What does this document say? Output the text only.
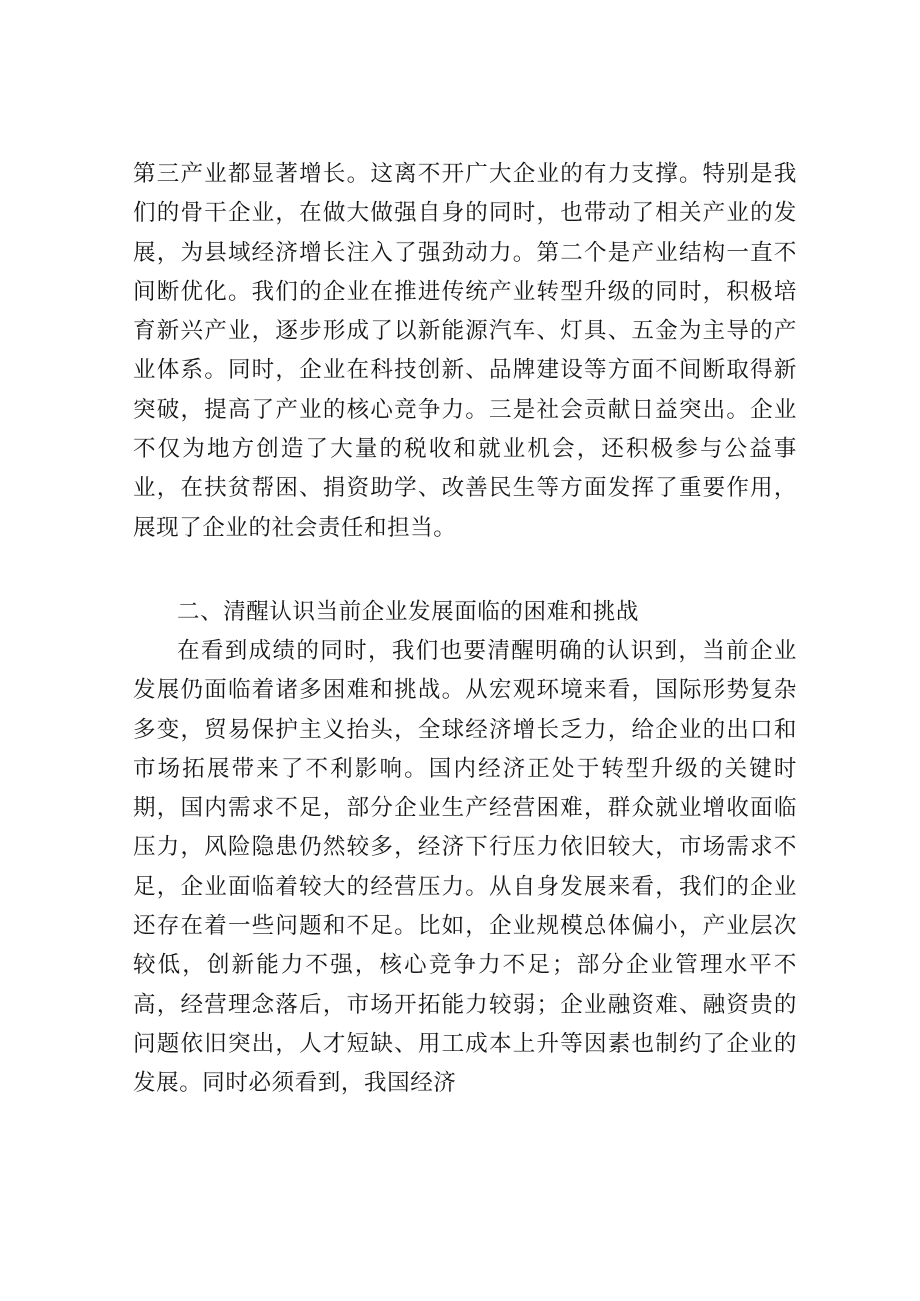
第三产业都显著增长。这离不开广大企业的有力支撑。特别是我们的骨干企业，在做大做强自身的同时，也带动了相关产业的发展，为县域经济增长注入了强劲动力。第二个是产业结构一直不间断优化。我们的企业在推进传统产业转型升级的同时，积极培育新兴产业，逐步形成了以新能源汽车、灯具、五金为主导的产业体系。同时，企业在科技创新、品牌建设等方面不间断取得新突破，提高了产业的核心竞争力。三是社会贡献日益突出。企业不仅为地方创造了大量的税收和就业机会，还积极参与公益事业，在扶贫帮困、捐资助学、改善民生等方面发挥了重要作用，展现了企业的社会责任和担当。

二、清醒认识当前企业发展面临的困难和挑战

在看到成绩的同时，我们也要清醒明确的认识到，当前企业发展仍面临着诸多困难和挑战。从宏观环境来看，国际形势复杂多变，贸易保护主义抬头，全球经济增长乏力，给企业的出口和市场拓展带来了不利影响。国内经济正处于转型升级的关键时期，国内需求不足，部分企业生产经营困难，群众就业增收面临压力，风险隐患仍然较多，经济下行压力依旧较大，市场需求不足，企业面临着较大的经营压力。从自身发展来看，我们的企业还存在着一些问题和不足。比如，企业规模总体偏小，产业层次较低，创新能力不强，核心竞争力不足；部分企业管理水平不高，经营理念落后，市场开拓能力较弱；企业融资难、融资贵的问题依旧突出，人才短缺、用工成本上升等因素也制约了企业的发展。同时必须看到，我国经济
